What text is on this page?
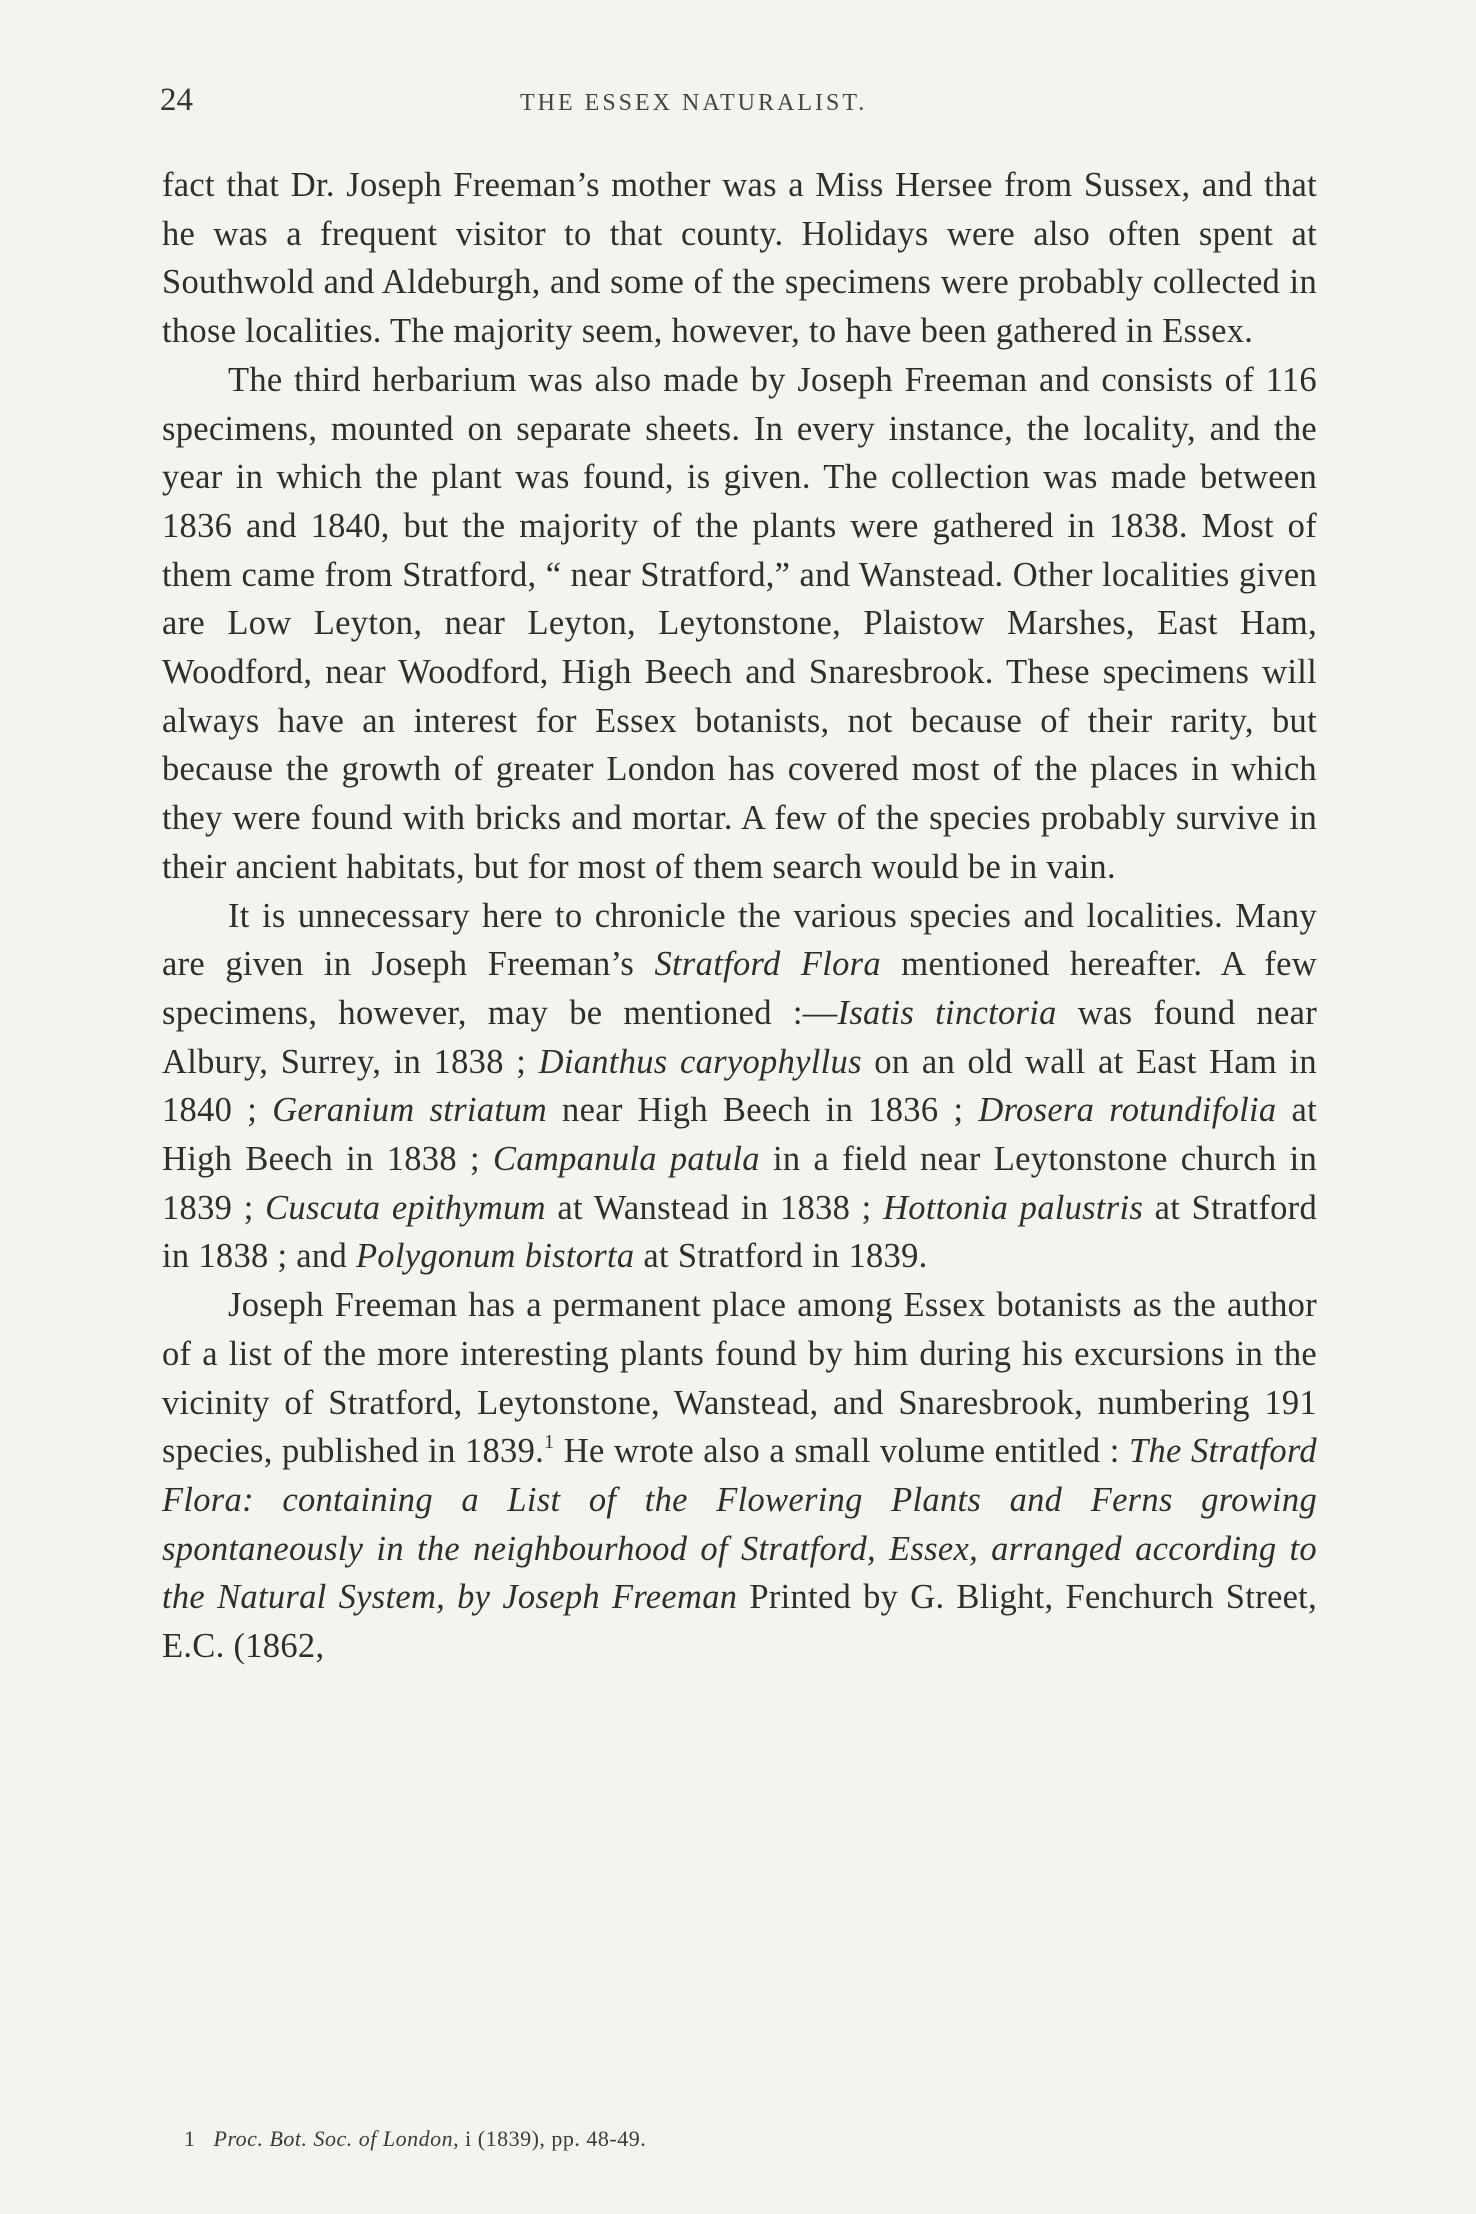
24	THE ESSEX NATURALIST.

fact that Dr. Joseph Freeman’s mother was a Miss Hersee from Sussex, and that he was a frequent visitor to that county. Holidays were also often spent at Southwold and Aldeburgh, and some of the specimens were probably collected in those localities. The majority seem, however, to have been gathered in Essex.

The third herbarium was also made by Joseph Freeman and consists of 116 specimens, mounted on separate sheets. In every instance, the locality, and the year in which the plant was found, is given. The collection was made between 1836 and 1840, but the majority of the plants were gathered in 1838. Most of them came from Stratford, “ near Stratford,” and Wanstead. Other localities given are Low Leyton, near Leyton, Leytonstone, Plaistow Marshes, East Ham, Woodford, near Woodford, High Beech and Snaresbrook. These specimens will always have an interest for Essex botanists, not because of their rarity, but because the growth of greater London has covered most of the places in which they were found with bricks and mortar. A few of the species probably survive in their ancient habitats, but for most of them search would be in vain.

It is unnecessary here to chronicle the various species and localities. Many are given in Joseph Freeman’s Stratford Flora mentioned hereafter. A few specimens, however, may be mentioned :—Isatis tinctoria was found near Albury, Surrey, in 1838 ; Dianthus caryophyllus on an old wall at East Ham in 1840 ; Geranium striatum near High Beech in 1836 ; Drosera rotundifolia at High Beech in 1838 ; Campanula patula in a field near Leytonstone church in 1839 ; Cuscuta epithymum at Wanstead in 1838 ; Hottonia palustris at Stratford in 1838 ; and Polygonum bistorta at Stratford in 1839.

Joseph Freeman has a permanent place among Essex botanists as the author of a list of the more interesting plants found by him during his excursions in the vicinity of Stratford, Leytonstone, Wanstead, and Snaresbrook, numbering 191 species, published in 1839.$^1$ He wrote also a small volume entitled : The Stratford Flora: containing a List of the Flowering Plants and Ferns growing spontaneously in the neighbourhood of Stratford, Essex, arranged according to the Natural System, by Joseph Freeman Printed by G. Blight, Fenchurch Street, E.C. (1862,

1 Proc. Bot. Soc. of London, i (1839), pp. 48-49.
